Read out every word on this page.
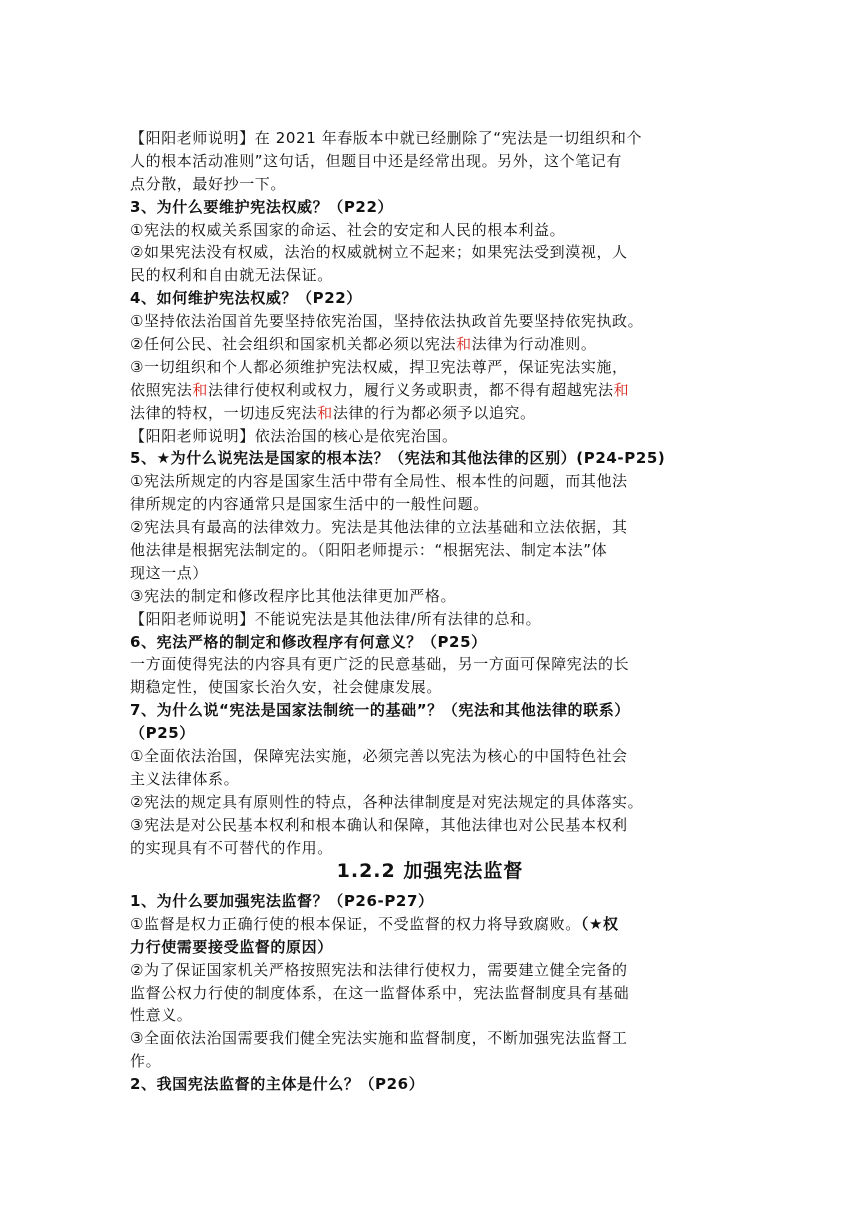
【阳阳老师说明】在 2021 年春版本中就已经删除了“宪法是一切组织和个
人的根本活动准则”这句话，但题目中还是经常出现。另外，这个笔记有
点分散，最好抄一下。
3、为什么要维护宪法权威？（P22）
①宪法的权威关系国家的命运、社会的安定和人民的根本利益。
②如果宪法没有权威，法治的权威就树立不起来；如果宪法受到漠视，人
民的权利和自由就无法保证。
4、如何维护宪法权威？（P22）
①坚持依法治国首先要坚持依宪治国，坚持依法执政首先要坚持依宪执政。
②任何公民、社会组织和国家机关都必须以宪法和法律为行动准则。
③一切组织和个人都必须维护宪法权威，捍卫宪法尊严，保证宪法实施，
依照宪法和法律行使权利或权力，履行义务或职责，都不得有超越宪法和
法律的特权，一切违反宪法和法律的行为都必须予以追究。
【阳阳老师说明】依法治国的核心是依宪治国。
5、★为什么说宪法是国家的根本法？（宪法和其他法律的区别）(P24-P25)
①宪法所规定的内容是国家生活中带有全局性、根本性的问题，而其他法
律所规定的内容通常只是国家生活中的一般性问题。
②宪法具有最高的法律效力。宪法是其他法律的立法基础和立法依据，其
他法律是根据宪法制定的。（阳阳老师提示：“根据宪法、制定本法”体
现这一点）
③宪法的制定和修改程序比其他法律更加严格。
【阳阳老师说明】不能说宪法是其他法律/所有法律的总和。
6、宪法严格的制定和修改程序有何意义？（P25）
一方面使得宪法的内容具有更广泛的民意基础，另一方面可保障宪法的长
期稳定性，使国家长治久安，社会健康发展。
7、为什么说“宪法是国家法制统一的基础”？（宪法和其他法律的联系）
（P25）
①全面依法治国，保障宪法实施，必须完善以宪法为核心的中国特色社会
主义法律体系。
②宪法的规定具有原则性的特点，各种法律制度是对宪法规定的具体落实。
③宪法是对公民基本权利和根本确认和保障，其他法律也对公民基本权利
的实现具有不可替代的作用。
1.2.2 加强宪法监督
1、为什么要加强宪法监督？（P26-P27）
①监督是权力正确行使的根本保证，不受监督的权力将导致腐败。（★权
力行使需要接受监督的原因）
②为了保证国家机关严格按照宪法和法律行使权力，需要建立健全完备的
监督公权力行使的制度体系，在这一监督体系中，宪法监督制度具有基础
性意义。
③全面依法治国需要我们健全宪法实施和监督制度，不断加强宪法监督工
作。
2、我国宪法监督的主体是什么？（P26）
